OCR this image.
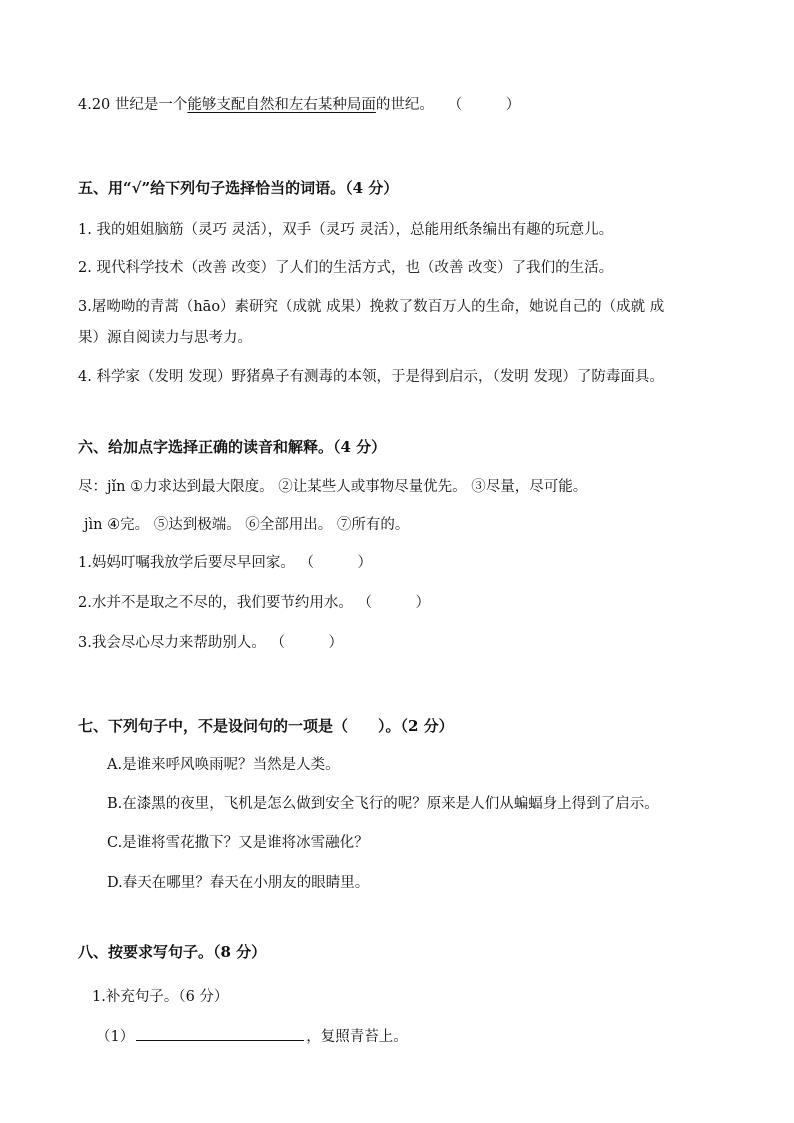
4.20 世纪是一个能够支配自然和左右某种局面的世纪。 （　　　）
五、用“√”给下列句子选择恰当的词语。（4 分）
1. 我的姐姐脑筋（灵巧 灵活），双手（灵巧 灵活），总能用纸条编出有趣的玩意儿。
2. 现代科学技术（改善 改变）了人们的生活方式，也（改善 改变）了我们的生活。
3.屠呦呦的青蒿（hāo）素研究（成就 成果）挽救了数百万人的生命，她说自己的（成就 成
果）源自阅读力与思考力。
4. 科学家（发明 发现）野猪鼻子有测毒的本领，于是得到启示，（发明 发现）了防毒面具。
六、给加点字选择正确的读音和解释。（4 分）
尽：jǐn ①力求达到最大限度。 ②让某些人或事物尽量优先。 ③尽量，尽可能。
jìn ④完。 ⑤达到极端。 ⑥全部用出。 ⑦所有的。
1.妈妈叮嘱我放学后要尽早回家。 （　　　）
2.水并不是取之不尽的，我们要节约用水。 （　　　）
3.我会尽心尽力来帮助别人。 （　　　）
七、下列句子中，不是设问句的一项是（　　）。（2 分）
A.是谁来呼风唤雨呢？当然是人类。
B.在漆黑的夜里，飞机是怎么做到安全飞行的呢？原来是人们从蝙蝠身上得到了启示。
C.是谁将雪花撒下？又是谁将冰雪融化？
D.春天在哪里？春天在小朋友的眼睛里。
八、按要求写句子。（8 分）
1.补充句子。（6 分）
（1）	，复照青苔上。
